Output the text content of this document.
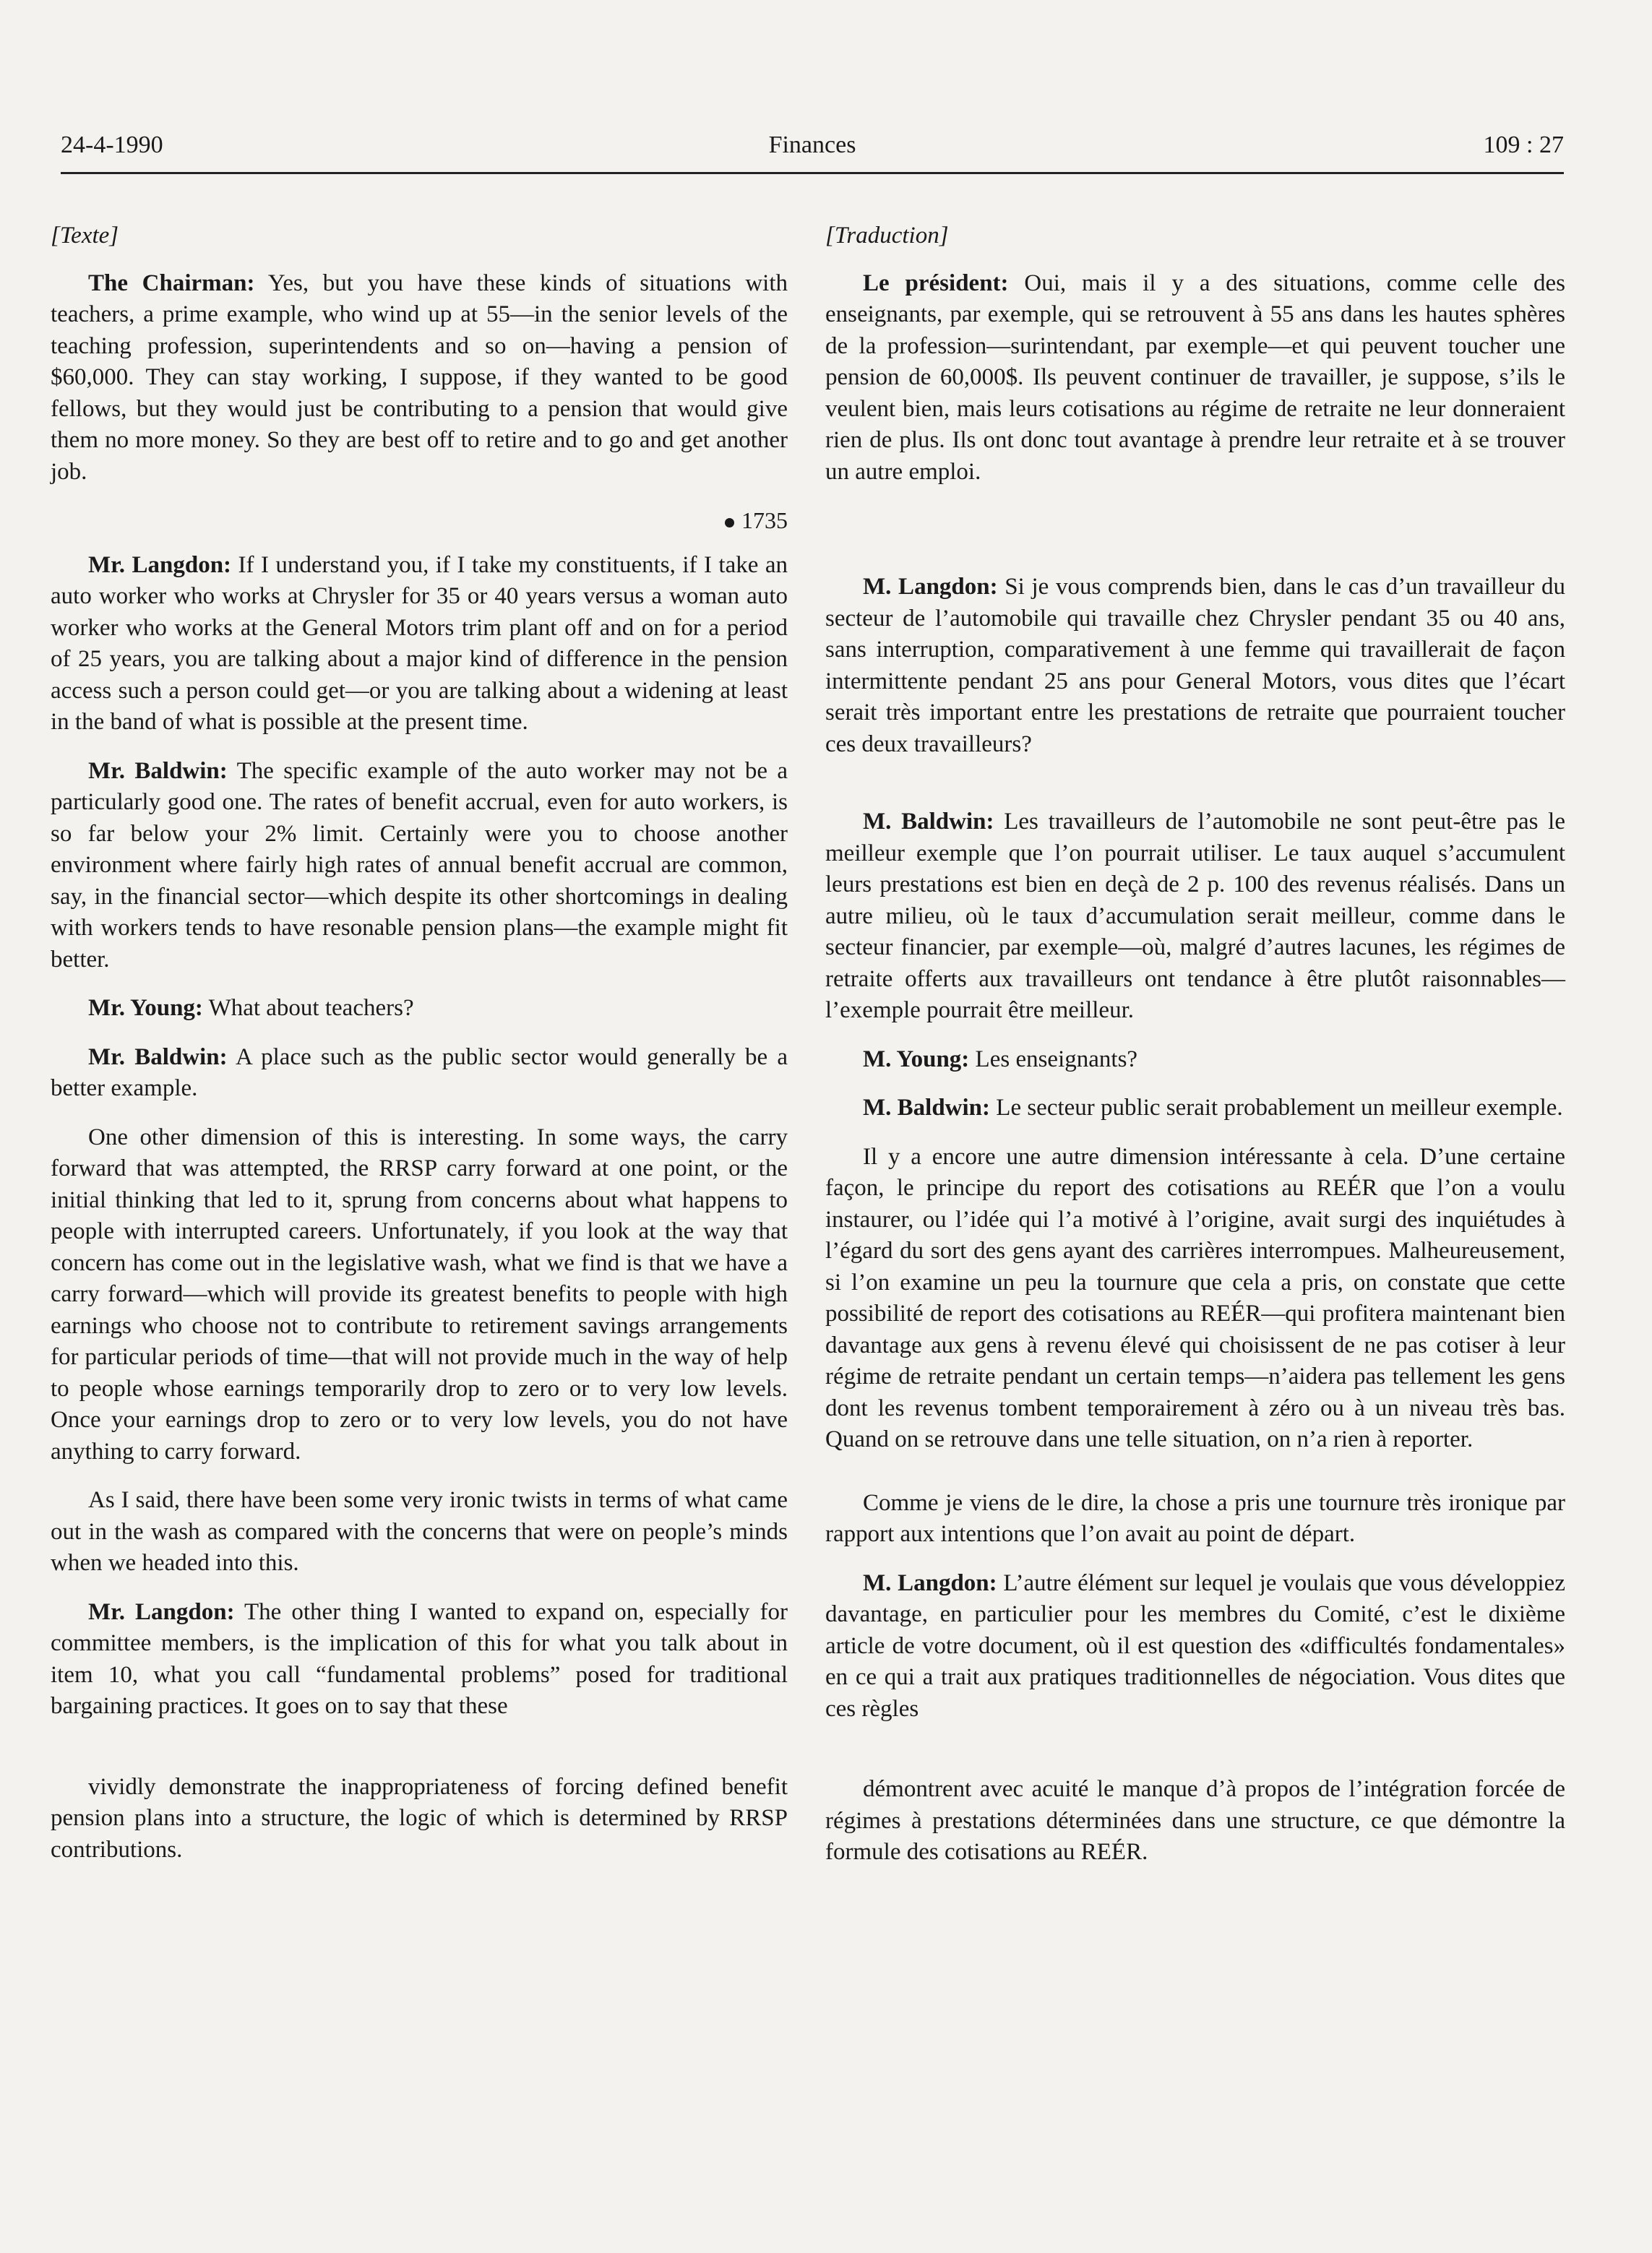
24-4-1990	Finances	109 : 27

[Texte]

The Chairman: Yes, but you have these kinds of situations with teachers, a prime example, who wind up at 55—in the senior levels of the teaching profession, superintendents and so on—having a pension of $60,000. They can stay working, I suppose, if they wanted to be good fellows, but they would just be contributing to a pension that would give them no more money. So they are best off to retire and to go and get another job.

1735

Mr. Langdon: If I understand you, if I take my constituents, if I take an auto worker who works at Chrysler for 35 or 40 years versus a woman auto worker who works at the General Motors trim plant off and on for a period of 25 years, you are talking about a major kind of difference in the pension access such a person could get—or you are talking about a widening at least in the band of what is possible at the present time.

Mr. Baldwin: The specific example of the auto worker may not be a particularly good one. The rates of benefit accrual, even for auto workers, is so far below your 2% limit. Certainly were you to choose another environment where fairly high rates of annual benefit accrual are common, say, in the financial sector—which despite its other shortcomings in dealing with workers tends to have resonable pension plans—the example might fit better.

Mr. Young: What about teachers?

Mr. Baldwin: A place such as the public sector would generally be a better example.

One other dimension of this is interesting. In some ways, the carry forward that was attempted, the RRSP carry forward at one point, or the initial thinking that led to it, sprung from concerns about what happens to people with interrupted careers. Unfortunately, if you look at the way that concern has come out in the legislative wash, what we find is that we have a carry forward—which will provide its greatest benefits to people with high earnings who choose not to contribute to retirement savings arrangements for particular periods of time—that will not provide much in the way of help to people whose earnings temporarily drop to zero or to very low levels. Once your earnings drop to zero or to very low levels, you do not have anything to carry forward.

As I said, there have been some very ironic twists in terms of what came out in the wash as compared with the concerns that were on people’s minds when we headed into this.

Mr. Langdon: The other thing I wanted to expand on, especially for committee members, is the implication of this for what you talk about in item 10, what you call “fundamental problems” posed for traditional bargaining practices. It goes on to say that these

vividly demonstrate the inappropriateness of forcing defined benefit pension plans into a structure, the logic of which is determined by RRSP contributions.

[Traduction]

Le président: Oui, mais il y a des situations, comme celle des enseignants, par exemple, qui se retrouvent à 55 ans dans les hautes sphères de la profession—surintendant, par exemple—et qui peuvent toucher une pension de 60,000$. Ils peuvent continuer de travailler, je suppose, s’ils le veulent bien, mais leurs cotisations au régime de retraite ne leur donneraient rien de plus. Ils ont donc tout avantage à prendre leur retraite et à se trouver un autre emploi.

M. Langdon: Si je vous comprends bien, dans le cas d’un travailleur du secteur de l’automobile qui travaille chez Chrysler pendant 35 ou 40 ans, sans interruption, comparativement à une femme qui travaillerait de façon intermittente pendant 25 ans pour General Motors, vous dites que l’écart serait très important entre les prestations de retraite que pourraient toucher ces deux travailleurs?

M. Baldwin: Les travailleurs de l’automobile ne sont peut-être pas le meilleur exemple que l’on pourrait utiliser. Le taux auquel s’accumulent leurs prestations est bien en deçà de 2 p. 100 des revenus réalisés. Dans un autre milieu, où le taux d’accumulation serait meilleur, comme dans le secteur financier, par exemple—où, malgré d’autres lacunes, les régimes de retraite offerts aux travailleurs ont tendance à être plutôt raisonnables—l’exemple pourrait être meilleur.

M. Young: Les enseignants?

M. Baldwin: Le secteur public serait probablement un meilleur exemple.

Il y a encore une autre dimension intéressante à cela. D’une certaine façon, le principe du report des cotisations au REÉR que l’on a voulu instaurer, ou l’idée qui l’a motivé à l’origine, avait surgi des inquiétudes à l’égard du sort des gens ayant des carrières interrompues. Malheureusement, si l’on examine un peu la tournure que cela a pris, on constate que cette possibilité de report des cotisations au REÉR—qui profitera maintenant bien davantage aux gens à revenu élevé qui choisissent de ne pas cotiser à leur régime de retraite pendant un certain temps—n’aidera pas tellement les gens dont les revenus tombent temporairement à zéro ou à un niveau très bas. Quand on se retrouve dans une telle situation, on n’a rien à reporter.

Comme je viens de le dire, la chose a pris une tournure très ironique par rapport aux intentions que l’on avait au point de départ.

M. Langdon: L’autre élément sur lequel je voulais que vous développiez davantage, en particulier pour les membres du Comité, c’est le dixième article de votre document, où il est question des «difficultés fondamentales» en ce qui a trait aux pratiques traditionnelles de négociation. Vous dites que ces règles

démontrent avec acuité le manque d’à propos de l’intégration forcée de régimes à prestations déterminées dans une structure, ce que démontre la formule des cotisations au REÉR.
